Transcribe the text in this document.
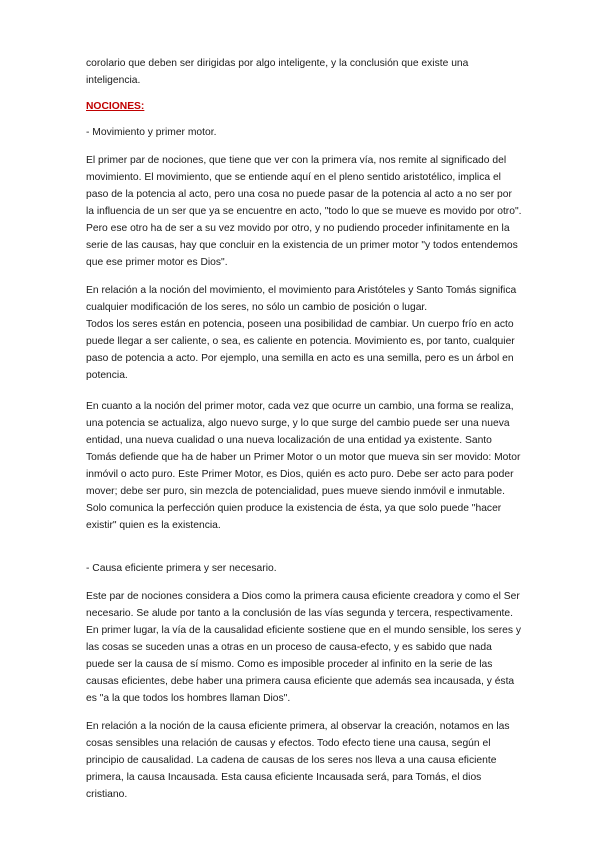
corolario que deben ser dirigidas por algo inteligente, y la conclusión que existe una inteligencia.

NOCIONES:

- Movimiento y primer motor.

El primer par de nociones, que tiene que ver con la primera vía, nos remite al significado del movimiento. El movimiento, que se entiende aquí en el pleno sentido aristotélico, implica el paso de la potencia al acto, pero una cosa no puede pasar de la potencia al acto a no ser por la influencia de un ser que ya se encuentre en acto, "todo lo que se mueve es movido por otro". Pero ese otro ha de ser a su vez movido por otro, y no pudiendo proceder infinitamente en la serie de las causas, hay que concluir en la existencia de un primer motor "y todos entendemos que ese primer motor es Dios".

En relación a la noción del movimiento, el movimiento para Aristóteles y Santo Tomás significa cualquier modificación de los seres, no sólo un cambio de posición o lugar.

Todos los seres están en potencia, poseen una posibilidad de cambiar. Un cuerpo frío en acto puede llegar a ser caliente, o sea, es caliente en potencia. Movimiento es, por tanto, cualquier paso de potencia a acto. Por ejemplo, una semilla en acto es una semilla, pero es un árbol en potencia.

En cuanto a la noción del primer motor, cada vez que ocurre un cambio, una forma se realiza, una potencia se actualiza, algo nuevo surge, y lo que surge del cambio puede ser una nueva entidad, una nueva cualidad o una nueva localización de una entidad ya existente. Santo Tomás defiende que ha de haber un Primer Motor o un motor que mueva sin ser movido: Motor inmóvil o acto puro. Este Primer Motor, es Dios, quién es acto puro. Debe ser acto para poder mover; debe ser puro, sin mezcla de potencialidad, pues mueve siendo inmóvil e inmutable. Solo comunica la perfección quien produce la existencia de ésta, ya que solo puede "hacer existir" quien es la existencia.

- Causa eficiente primera y ser necesario.

Este par de nociones considera a Dios como la primera causa eficiente creadora y como el Ser necesario. Se alude por tanto a la conclusión de las vías segunda y tercera, respectivamente. En primer lugar, la vía de la causalidad eficiente sostiene que en el mundo sensible, los seres y las cosas se suceden unas a otras en un proceso de causa-efecto, y es sabido que nada puede ser la causa de sí mismo. Como es imposible proceder al infinito en la serie de las causas eficientes, debe haber una primera causa eficiente que además sea incausada, y ésta es "a la que todos los hombres llaman Dios".

En relación a la noción de la causa eficiente primera, al observar la creación, notamos en las cosas sensibles una relación de causas y efectos. Todo efecto tiene una causa, según el principio de causalidad. La cadena de causas de los seres nos lleva a una causa eficiente primera, la causa Incausada. Esta causa eficiente Incausada será, para Tomás, el dios cristiano.
